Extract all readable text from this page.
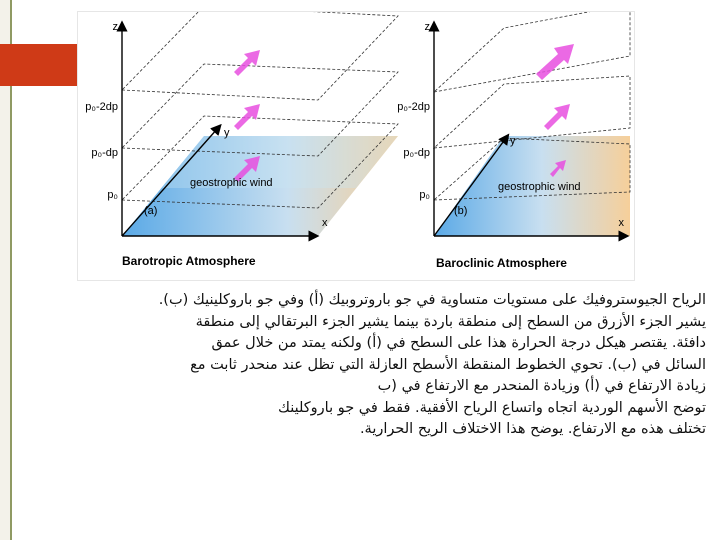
z
x
y
p₀-2dp
p₀-dp
p₀
geostrophic wind
(a)
Barotropic Atmosphere
z
x
y
p₀-2dp
p₀-dp
p₀
geostrophic wind
(b)
Baroclinic Atmosphere
الرياح الجيوستروفيك على مستويات متساوية في جو باروتروبيك (أ) وفي جو باروكلينيك (ب).
يشير الجزء الأزرق من السطح إلى منطقة باردة بينما يشير الجزء البرتقالي إلى منطقة
دافئة. يقتصر هيكل درجة الحرارة هذا على السطح في (أ) ولكنه يمتد من خلال عمق
السائل في (ب). تحوي الخطوط المنقطة الأسطح العازلة التي تظل عند منحدر ثابت مع
زيادة الارتفاع في (أ) وزيادة المنحدر مع الارتفاع في (ب
توضح الأسهم الوردية اتجاه واتساع الرياح الأفقية. فقط في جو باروكلينك
تختلف هذه مع الارتفاع. يوضح هذا الاختلاف الريح الحرارية.
